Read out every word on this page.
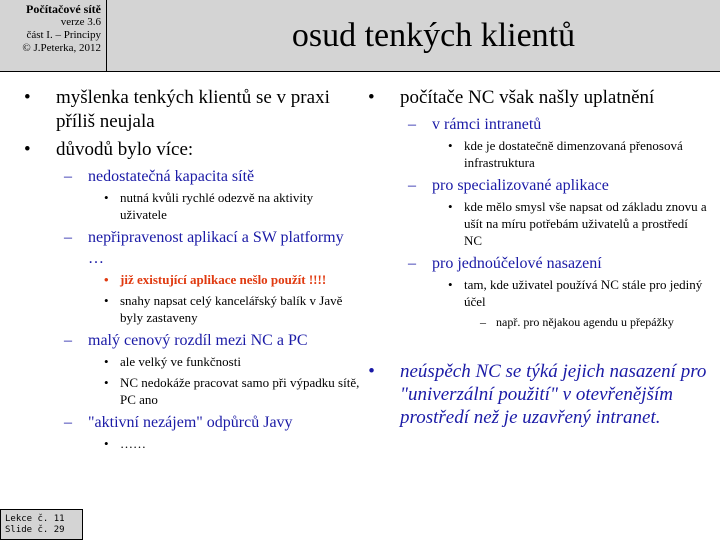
Počítačové sítě
verze 3.6
část I. – Principy
© J.Peterka, 2012	osud tenkých klientů
• myšlenka tenkých klientů se v praxi příliš neujala
• důvodů bylo více:
– nedostatečná kapacita sítě
• nutná kvůli rychlé odezvě na aktivity uživatele
– nepřipravenost aplikací a SW platformy …
• již existující aplikace nešlo použít !!!!
• snahy napsat celý kancelářský balík v Javě byly zastaveny
– malý cenový rozdíl mezi NC a PC
• ale velký ve funkčnosti
• NC nedokáže pracovat samo při výpadku sítě, PC ano
– "aktivní nezájem" odpůrců Javy
• ……
• počítače NC však našly uplatnění
– v rámci intranetů
• kde je dostatečně dimenzovaná přenosová infrastruktura
– pro specializované aplikace
• kde mělo smysl vše napsat od základu znovu a ušít na míru potřebám uživatelů a prostředí NC
– pro jednoúčelové nasazení
• tam, kde uživatel používá NC stále pro jediný účel
– např. pro nějakou agendu u přepážky
• neúspěch NC se týká jejich nasazení pro "univerzální použití" v otevřenějším prostředí než je uzavřený intranet.
Lekce č. 11
Slide č. 29
